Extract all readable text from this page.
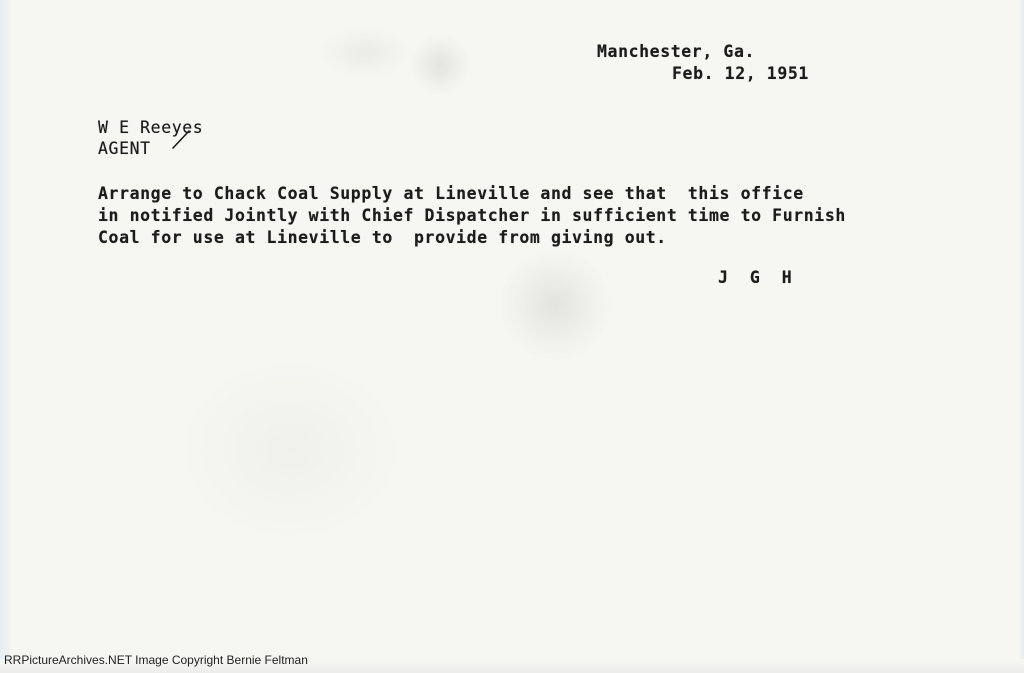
Manchester, Ga.
Feb. 12, 1951
W E Reeyes
AGENT
Arrange to Chack Coal Supply at Lineville and see that  this office
in notified Jointly with Chief Dispatcher in sufficient time to Furnish
Coal for use at Lineville to  provide from giving out.
J G H
RRPictureArchives.NET Image Copyright Bernie Feltman
